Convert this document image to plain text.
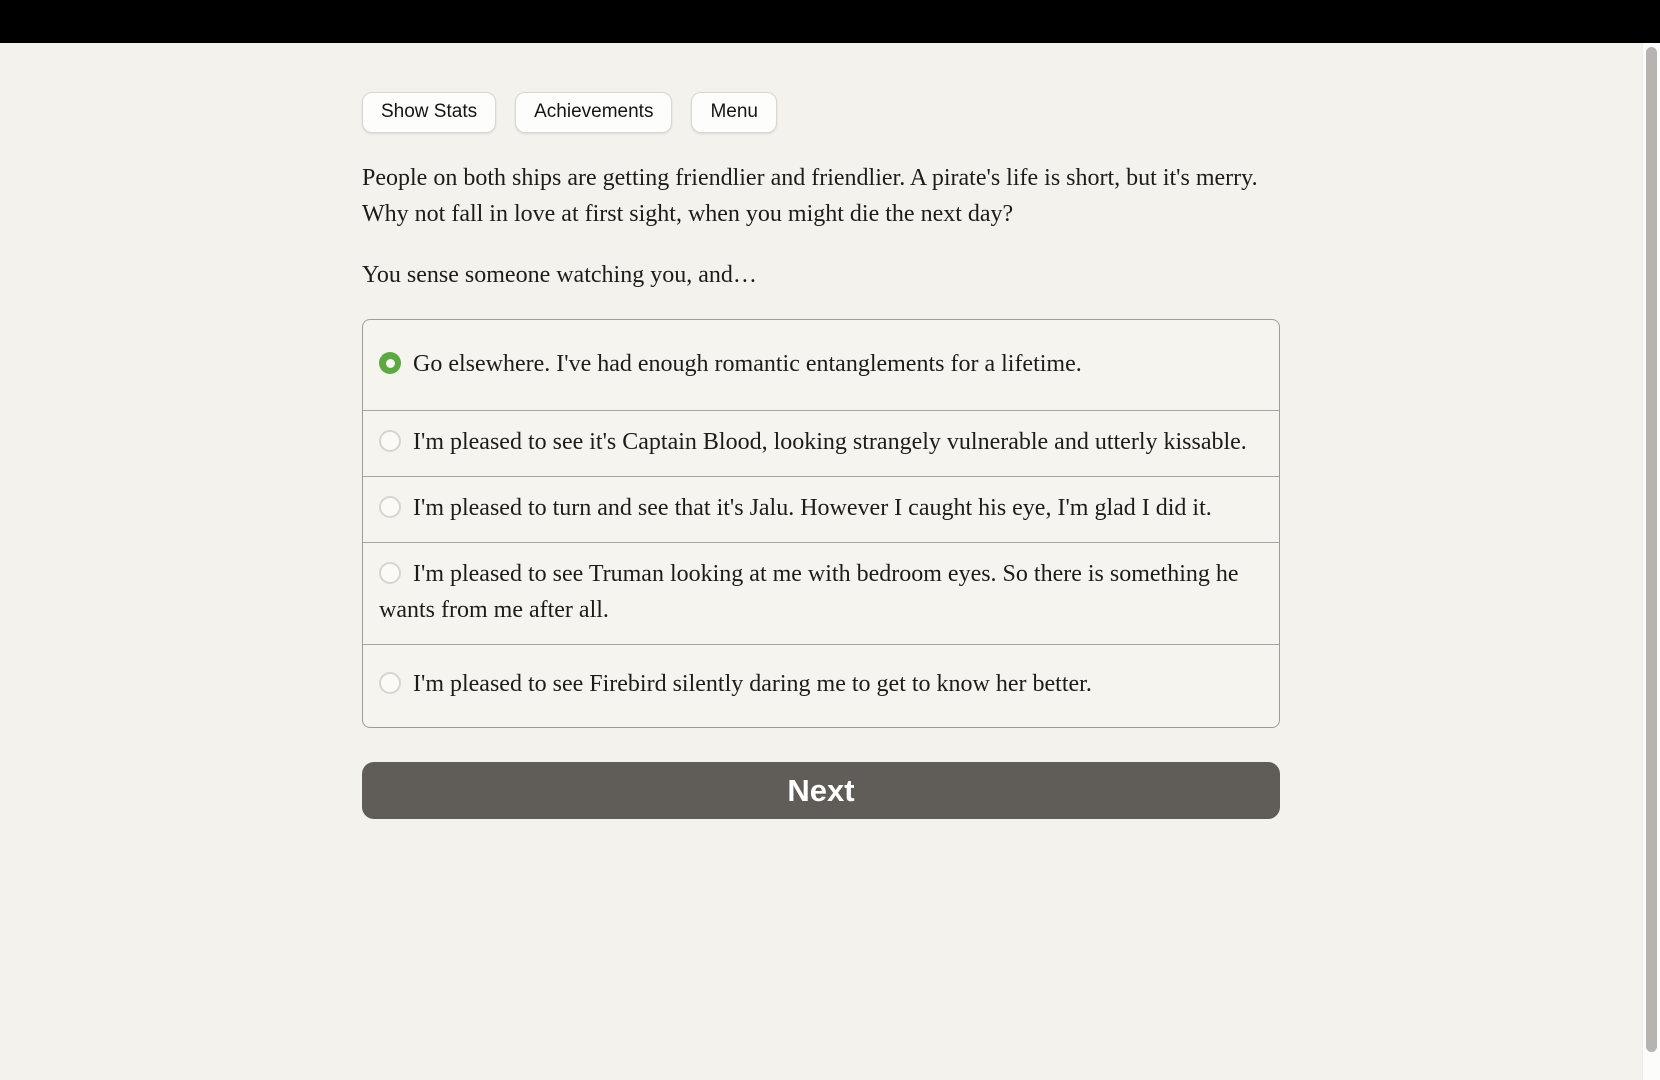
Show Stats	Achievements	Menu

People on both ships are getting friendlier and friendlier. A pirate's life is short, but it's merry. Why not fall in love at first sight, when you might die the next day?

You sense someone watching you, and…

Go elsewhere. I've had enough romantic entanglements for a lifetime.
I'm pleased to see it's Captain Blood, looking strangely vulnerable and utterly kissable.
I'm pleased to turn and see that it's Jalu. However I caught his eye, I'm glad I did it.
I'm pleased to see Truman looking at me with bedroom eyes. So there is something he wants from me after all.
I'm pleased to see Firebird silently daring me to get to know her better.
Next
